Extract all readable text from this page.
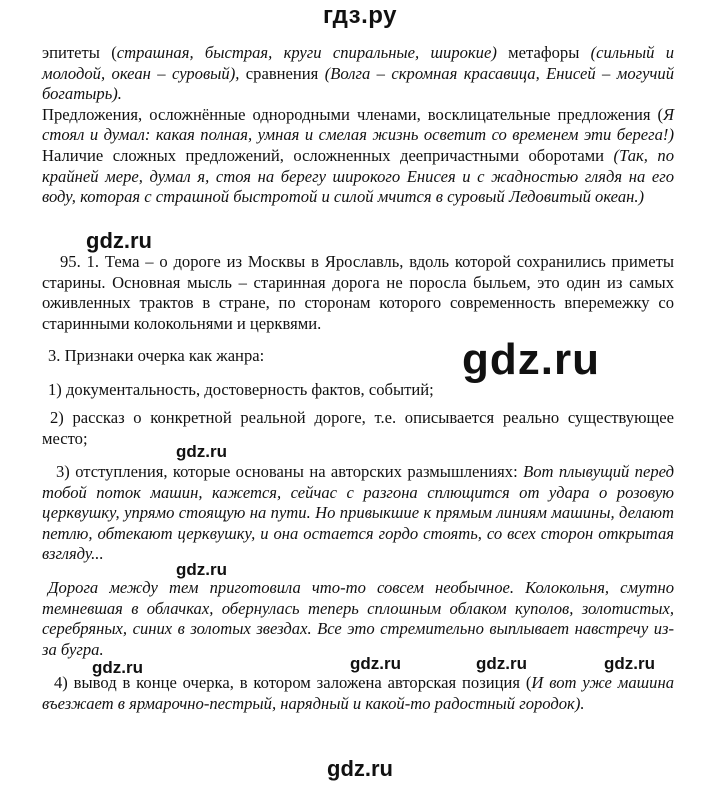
гдз.ру

эпитеты (страшная, быстрая, круги спиральные, широкие) метафоры (сильный и молодой, океан – суровый), сравнения (Волга – скромная красавица, Енисей – могучий богатырь).

Предложения, осложнённые однородными членами, восклицательные предложения (Я стоял и думал: какая полная, умная и смелая жизнь осветит со временем эти берега!) Наличие сложных предложений, осложненных деепричастными оборотами (Так, по крайней мере, думал я, стоя на берегу широкого Енисея и с жадностью глядя на его воду, которая с страшной быстротой и силой мчится в суровый Ледовитый океан.)

gdz.ru
95. 1. Тема – о дороге из Москвы в Ярославль, вдоль которой сохранились приметы старины. Основная мысль – старинная дорога не поросла быльем, это один из самых оживленных трактов в стране, по сторонам которого современность вперемежку со старинными колокольнями и церквями.
3. Признаки очерка как жанра:	gdz.ru
1) документальность, достоверность фактов, событий;
2) рассказ о конкретной реальной дороге, т.е. описывается реально существующее место;
gdz.ru
3) отступления, которые основаны на авторских размышлениях: Вот плывущий перед тобой поток машин, кажется, сейчас с разгона сплющится от удара о розовую церквушку, упрямо стоящую на пути. Но привыкшие к прямым линиям машины, делают петлю, обтекают церквушку, и она остается гордо стоять, со всех сторон открытая взгляду...
gdz.ru
Дорога между тем приготовила что-то совсем необычное. Колокольня, смутно темневшая в облачках, обернулась теперь сплошным облаком куполов, золотистых, серебряных, синих в золотых звездах. Все это стремительно выплывает навстречу из-за бугра.
gdz.ru	gdz.ru	gdz.ru	gdz.ru
4) вывод в конце очерка, в котором заложена авторская позиция (И вот уже машина въезжает в ярмарочно-пестрый, нарядный и какой-то радостный городок).
gdz.ru
